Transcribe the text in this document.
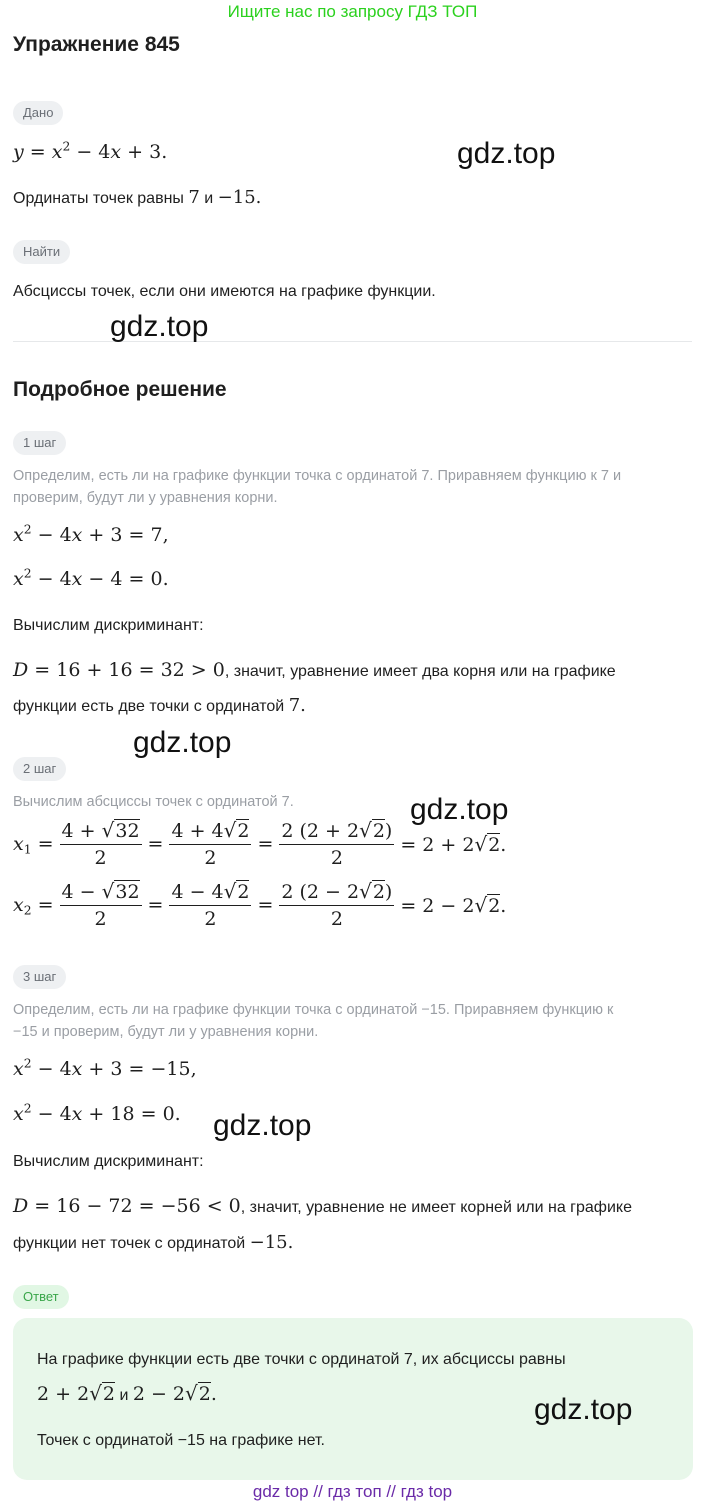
Ищите нас по запросу ГДЗ ТОП
Упражнение 845
Дано
$y = x^2 - 4x + 3$.
Ординаты точек равны 7 и −15.
Найти
Абсциссы точек, если они имеются на графике функции.
Подробное решение
1 шаг
Определим, есть ли на графике функции точка с ординатой 7. Приравняем функцию к 7 и
проверим, будут ли у уравнения корни.
$x^2 - 4x + 3 = 7$,
$x^2 - 4x - 4 = 0$.
Вычислим дискриминант:
D = 16 + 16 = 32 > 0, значит, уравнение имеет два корня или на графике
функции есть две точки с ординатой 7.
2 шаг
Вычислим абсциссы точек с ординатой 7.
$x_1 = \frac{4 + √32}{2} = \frac{4 + 4√2}{2} = \frac{2 (2 + 2√2)}{2} = 2 + 2√2$.
$x_2 = \frac{4 - √32}{2} = \frac{4 - 4√2}{2} = \frac{2 (2 - 2√2)}{2} = 2 - 2√2$.
3 шаг
Определим, есть ли на графике функции точка с ординатой −15. Приравняем функцию к
−15 и проверим, будут ли у уравнения корни.
$x^2 - 4x + 3 = -15$,
$x^2 - 4x + 18 = 0$.
Вычислим дискриминант:
D = 16 − 72 = −56 < 0, значит, уравнение не имеет корней или на графике
функции нет точек с ординатой −15.
Ответ
На графике функции есть две точки с ординатой 7, их абсциссы равны
2 + 2√2 и 2 − 2√2.
Точек с ординатой −15 на графике нет.
gdz.top
gdz.top
gdz.top
gdz.top
gdz.top
gdz.top
gdz top // гдз топ // гдз top
